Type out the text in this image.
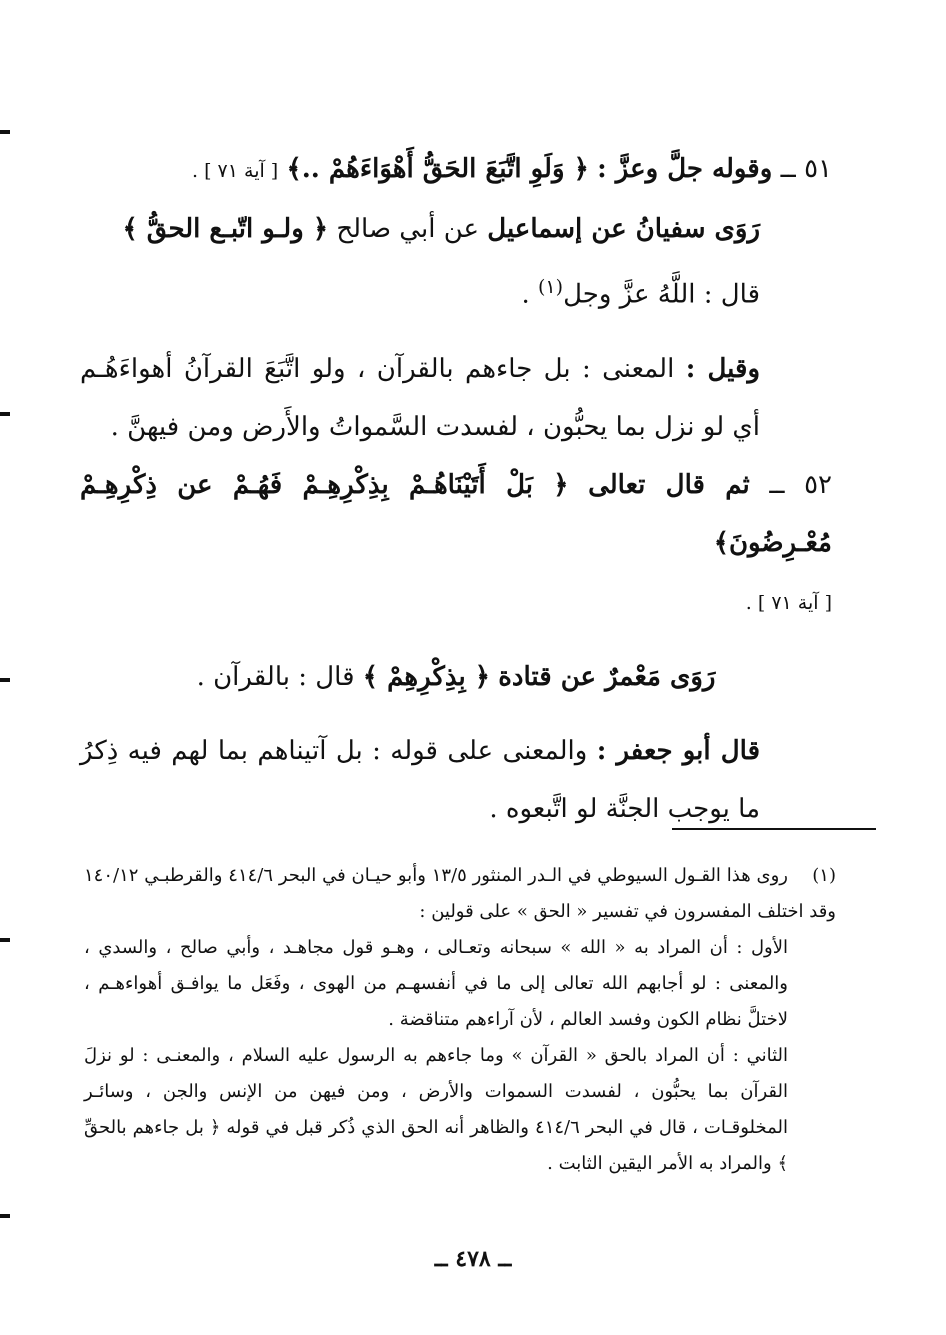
٥١ ــ وقوله جلَّ وعزَّ : ﴿ وَلَوِ اتَّبَعَ الحَقُّ أَهْوَاءَهُمْ ..﴾ [ آية ٧١ ] .

رَوَى سفيانُ عن إسماعيل عن أبي صالح ﴿ ولـو اتّبـع الحقُّ ﴾
قال : اللَّهُ عزَّ وجل$^{(١)}$ .

وقيل : المعنى : بل جاءهم بالقرآن ، ولو اتَّبَعَ القرآنُ أهواءَهُـم أي لو نزل بما يحبُّون ، لفسدت السَّمواتُ والأَرض ومن فيهنَّ .

٥٢ ــ ثم قال تعالى ﴿ بَلْ أَتَيْنَاهُـمْ بِذِكْرِهِـمْ فَهُـمْ عن ذِكْرِهِـمْ مُعْـرِضُونَ﴾
[ آية ٧١ ] .

رَوَى مَعْمرٌ عن قتادة ﴿ بِذِكْرِهِمْ ﴾ قال : بالقرآن .

قال أبو جعفر : والمعنى على قوله : بل آتيناهم بما لهم فيه ذِكرُ ما يوجب الجنَّة لو اتَّبعوه .

(١)روى هذا القـول السيوطي في الـدر المنثور ١٣/٥ وأبو حيـان في البحر ٤١٤/٦ والقرطبـي ١٤٠/١٢ وقد اختلف المفسرون في تفسير « الحق » على قولين :

الأول : أن المراد به « الله » سبحانه وتعـالى ، وهـو قول مجاهـد ، وأبي صالح ، والسدي ، والمعنى : لو أجابهم الله تعالى إلى ما في أنفسهـم من الهوى ، وفَعَل ما يوافـق أهواءهـم ، لاختلَّ نظام الكون وفسد العالم ، لأن آراءهم متناقضة .

الثاني : أن المراد بالحق « القرآن » وما جاءهم به الرسول عليه السلام ، والمعنـى : لو نزلَ القرآن بما يحبُّون ، لفسدت السموات والأرض ، ومن فيهن من الإنس والجن ، وسائـر المخلوقـات ، قال في البحر ٤١٤/٦ والظاهر أنه الحق الذي ذُكر قبل في قوله ﴿ بل جاءهم بالحقِّ ﴾ والمراد به الأمر اليقين الثابت .

ــ ٤٧٨ ــ
